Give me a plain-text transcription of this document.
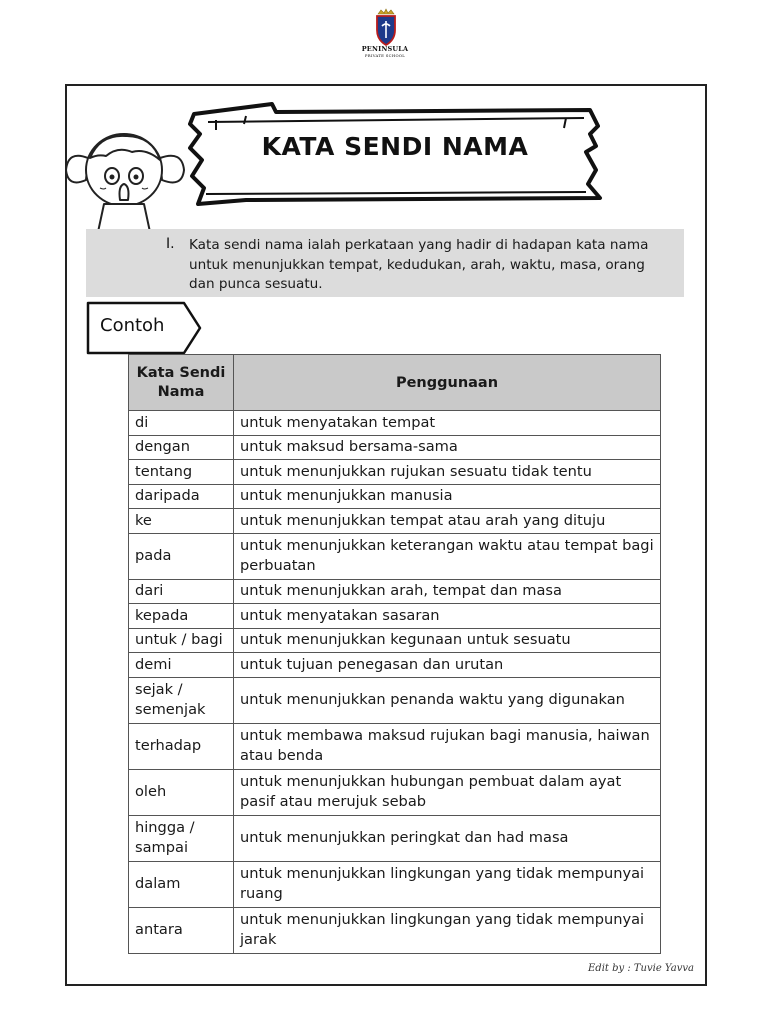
PENINSULA
PRIVATE SCHOOL
KATA SENDI NAMA
I. Kata sendi nama ialah perkataan yang hadir di hadapan kata nama untuk menunjukkan tempat, kedudukan, arah, waktu, masa, orang dan punca sesuatu.
Contoh
Kata Sendi Nama	Penggunaan
di	untuk menyatakan tempat
dengan	untuk maksud bersama-sama
tentang	untuk menunjukkan rujukan sesuatu tidak tentu
daripada	untuk menunjukkan manusia
ke	untuk menunjukkan tempat atau arah yang dituju
pada	untuk menunjukkan keterangan waktu atau tempat bagi perbuatan
dari	untuk menunjukkan arah, tempat dan masa
kepada	untuk menyatakan sasaran
untuk / bagi	untuk menunjukkan kegunaan untuk sesuatu
demi	untuk tujuan penegasan dan urutan
sejak / semenjak	untuk menunjukkan penanda waktu yang digunakan
terhadap	untuk membawa maksud rujukan bagi manusia, haiwan atau benda
oleh	untuk menunjukkan hubungan pembuat dalam ayat pasif atau merujuk sebab
hingga / sampai	untuk menunjukkan peringkat dan had masa
dalam	untuk menunjukkan lingkungan yang tidak mempunyai ruang
antara	untuk menunjukkan lingkungan yang tidak mempunyai jarak
Edit by : Tuvie Yavva
